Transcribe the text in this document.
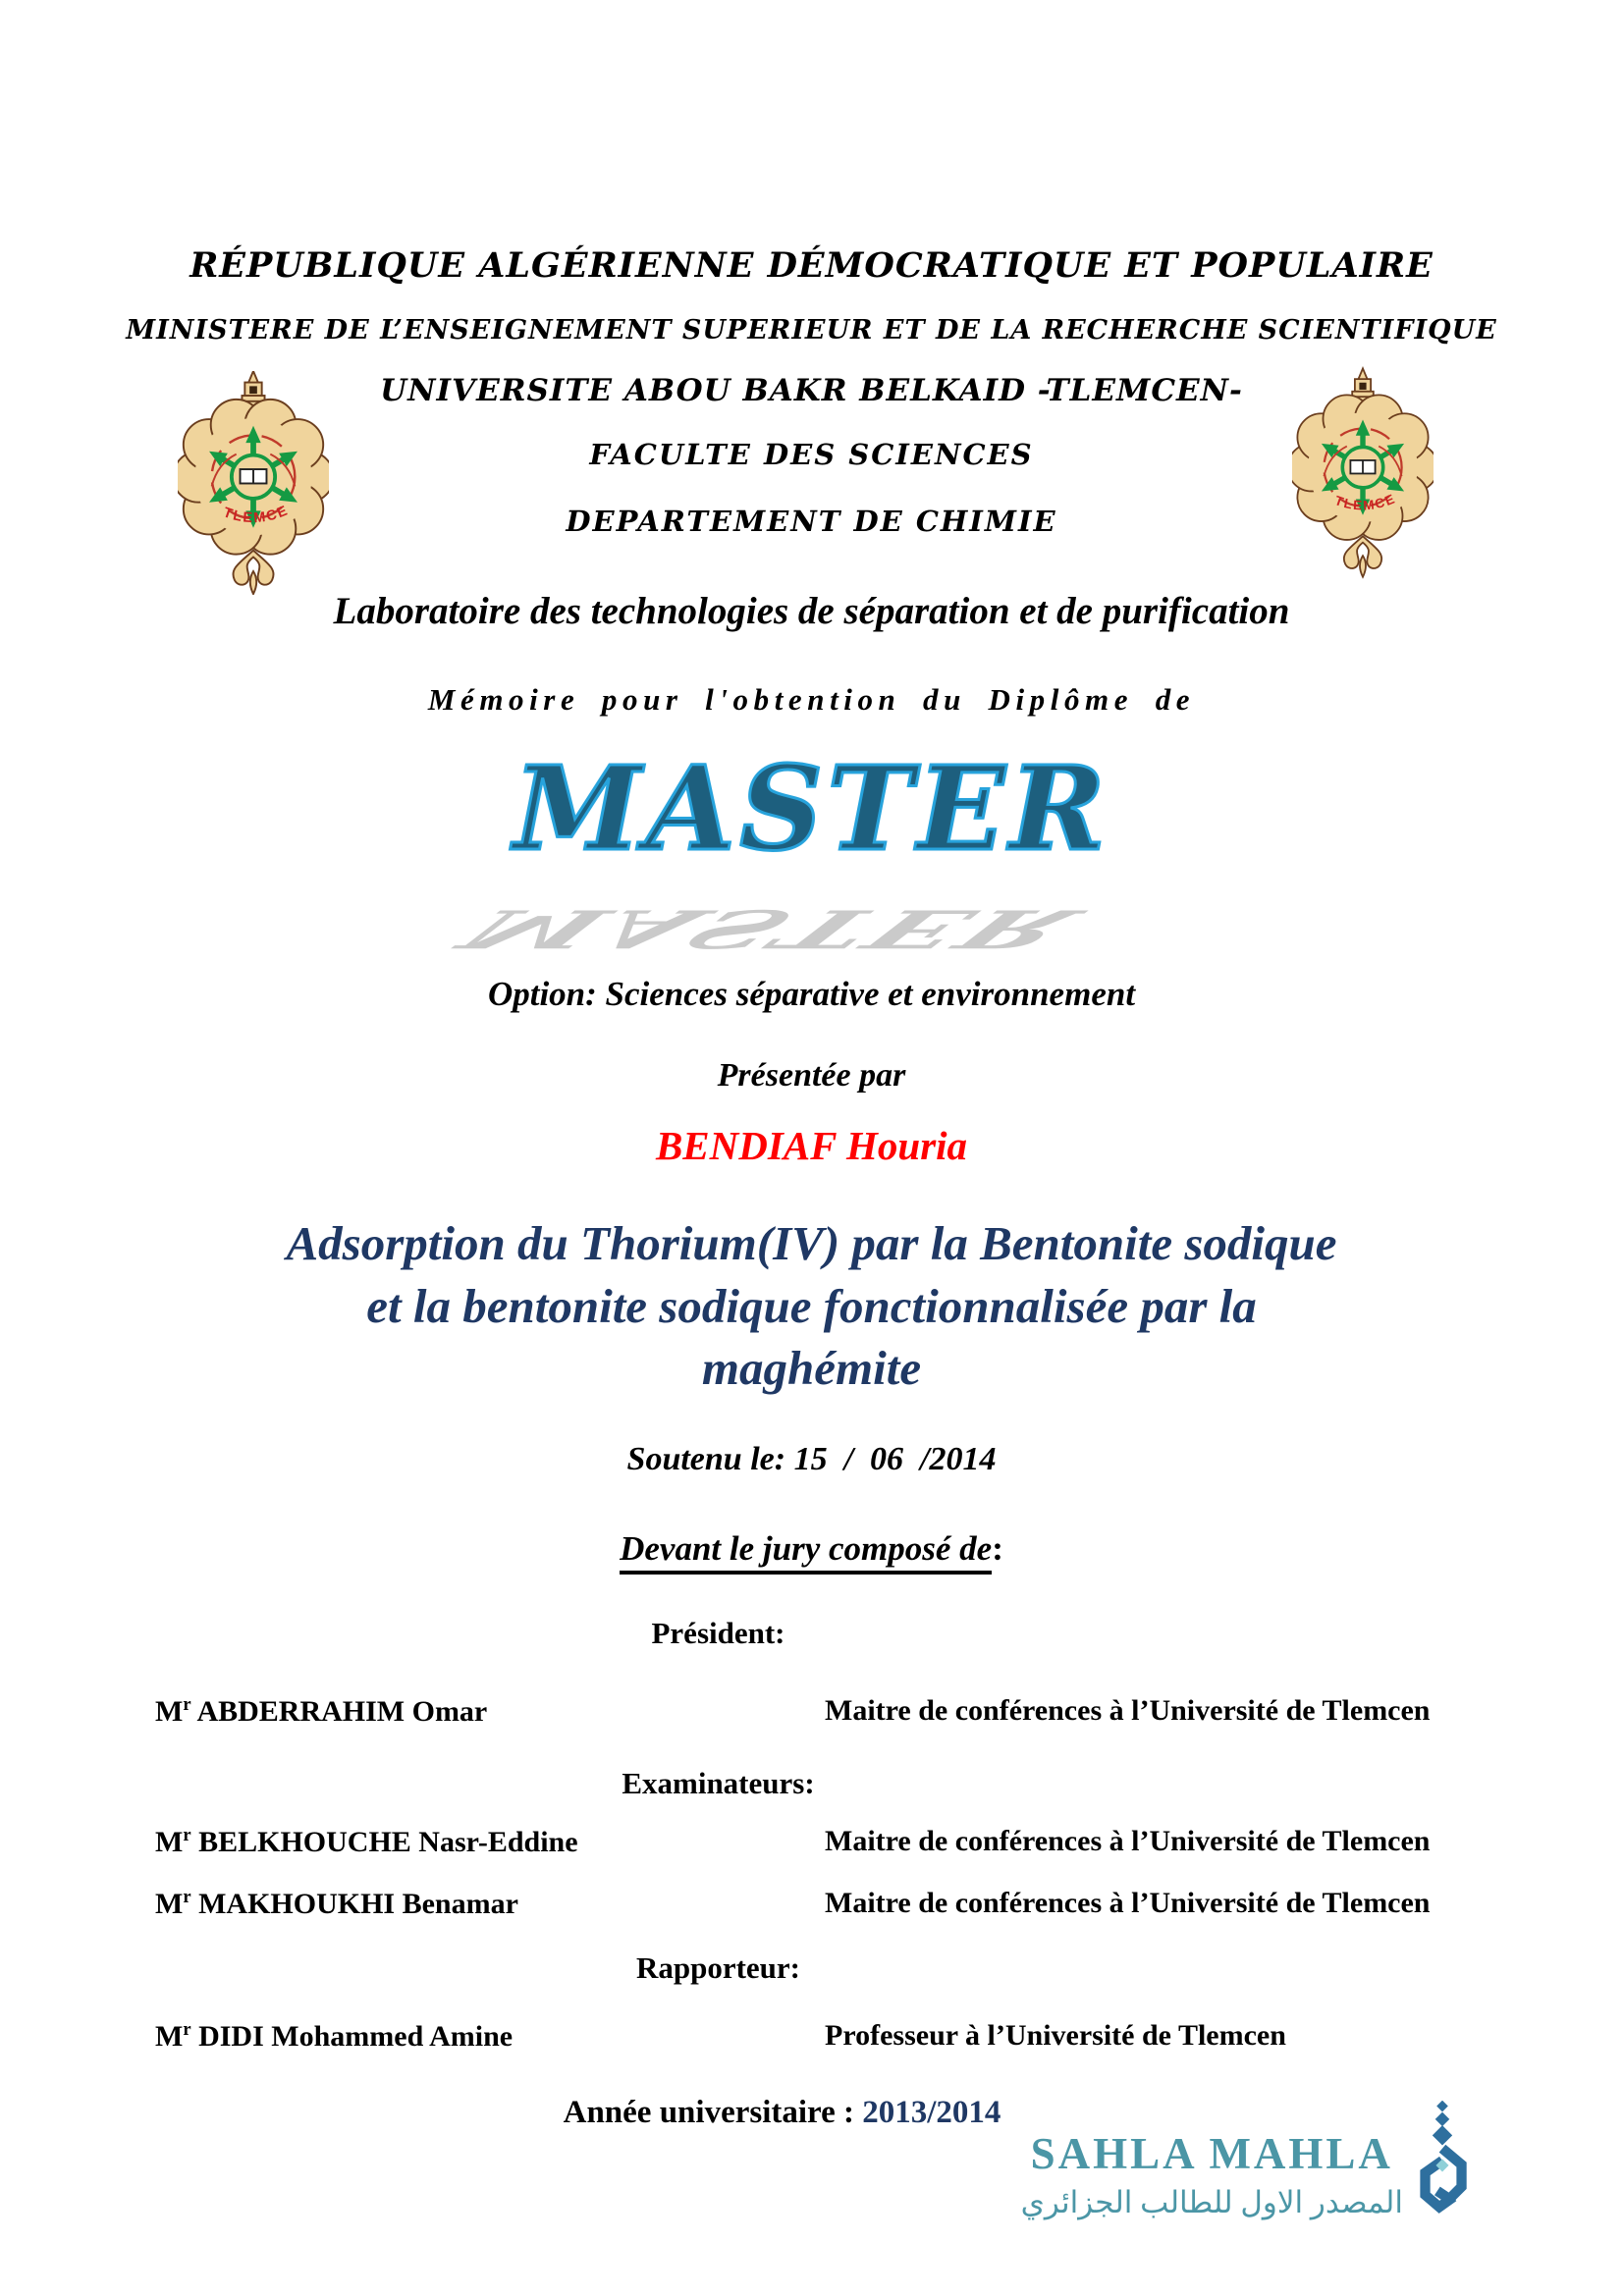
RÉPUBLIQUE ALGÉRIENNE DÉMOCRATIQUE ET POPULAIRE
MINISTERE DE L’ENSEIGNEMENT SUPERIEUR ET DE LA RECHERCHE SCIENTIFIQUE
UNIVERSITE ABOU BAKR BELKAID -TLEMCEN-
FACULTE DES SCIENCES
DEPARTEMENT DE CHIMIE
Laboratoire des technologies de séparation et de purification
Mémoire pour l'obtention du Diplôme de
MASTER
MASTER
Option: Sciences séparative et environnement
Présentée par
BENDIAF Houria
Adsorption du Thorium(IV) par la Bentonite sodique
et la bentonite sodique fonctionnalisée par la
maghémite
Soutenu le: 15  /  06  /2014
Devant le jury composé de:
Président:
$M^r$ ABDERRAHIM Omar	Maitre de conférences à l’Université de Tlemcen
Examinateurs:
$M^r$ BELKHOUCHE Nasr-Eddine	Maitre de conférences à l’Université de Tlemcen
$M^r$ MAKHOUKHI Benamar	Maitre de conférences à l’Université de Tlemcen
Rapporteur:
$M^r$ DIDI Mohammed Amine	Professeur à l’Université de Tlemcen
Année universitaire : 2013/2014
SAHLA MAHLA
المصدر الاول للطالب الجزائري
